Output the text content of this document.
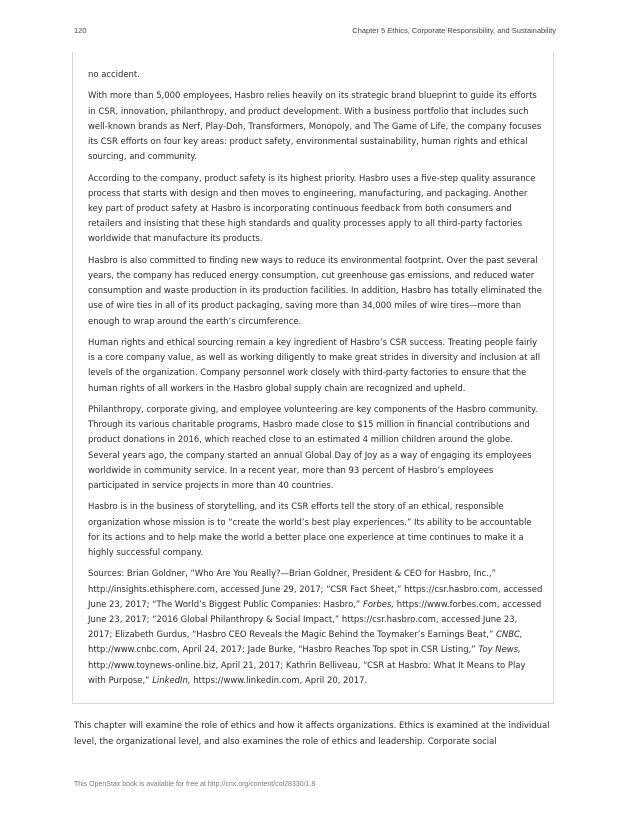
120	Chapter 5 Ethics, Corporate Responsibility, and Sustainability

no accident.

With more than 5,000 employees, Hasbro relies heavily on its strategic brand blueprint to guide its efforts in CSR, innovation, philanthropy, and product development. With a business portfolio that includes such well-known brands as Nerf, Play-Doh, Transformers, Monopoly, and The Game of Life, the company focuses its CSR efforts on four key areas: product safety, environmental sustainability, human rights and ethical sourcing, and community.

According to the company, product safety is its highest priority. Hasbro uses a five-step quality assurance process that starts with design and then moves to engineering, manufacturing, and packaging. Another key part of product safety at Hasbro is incorporating continuous feedback from both consumers and retailers and insisting that these high standards and quality processes apply to all third-party factories worldwide that manufacture its products.

Hasbro is also committed to finding new ways to reduce its environmental footprint. Over the past several years, the company has reduced energy consumption, cut greenhouse gas emissions, and reduced water consumption and waste production in its production facilities. In addition, Hasbro has totally eliminated the use of wire ties in all of its product packaging, saving more than 34,000 miles of wire tires—more than enough to wrap around the earth’s circumference.

Human rights and ethical sourcing remain a key ingredient of Hasbro’s CSR success. Treating people fairly is a core company value, as well as working diligently to make great strides in diversity and inclusion at all levels of the organization. Company personnel work closely with third-party factories to ensure that the human rights of all workers in the Hasbro global supply chain are recognized and upheld.

Philanthropy, corporate giving, and employee volunteering are key components of the Hasbro community. Through its various charitable programs, Hasbro made close to $15 million in financial contributions and product donations in 2016, which reached close to an estimated 4 million children around the globe. Several years ago, the company started an annual Global Day of Joy as a way of engaging its employees worldwide in community service. In a recent year, more than 93 percent of Hasbro’s employees participated in service projects in more than 40 countries.

Hasbro is in the business of storytelling, and its CSR efforts tell the story of an ethical, responsible organization whose mission is to “create the world’s best play experiences.” Its ability to be accountable for its actions and to help make the world a better place one experience at time continues to make it a highly successful company.

Sources: Brian Goldner, “Who Are You Really?—Brian Goldner, President & CEO for Hasbro, Inc.,” http://insights.ethisphere.com, accessed June 29, 2017; “CSR Fact Sheet,” https://csr.hasbro.com, accessed June 23, 2017; “The World’s Biggest Public Companies: Hasbro,” Forbes, https://www.forbes.com, accessed June 23, 2017; “2016 Global Philanthropy & Social Impact,” https://csr.hasbro.com, accessed June 23, 2017; Elizabeth Gurdus, “Hasbro CEO Reveals the Magic Behind the Toymaker’s Earnings Beat,” CNBC, http://www.cnbc.com, April 24, 2017; Jade Burke, “Hasbro Reaches Top spot in CSR Listing,” Toy News, http://www.toynews-online.biz, April 21, 2017; Kathrin Belliveau, “CSR at Hasbro: What It Means to Play with Purpose,” LinkedIn, https://www.linkedin.com, April 20, 2017.

This chapter will examine the role of ethics and how it affects organizations. Ethics is examined at the individual level, the organizational level, and also examines the role of ethics and leadership. Corporate social

This OpenStax book is available for free at http://cnx.org/content/col28330/1.8
